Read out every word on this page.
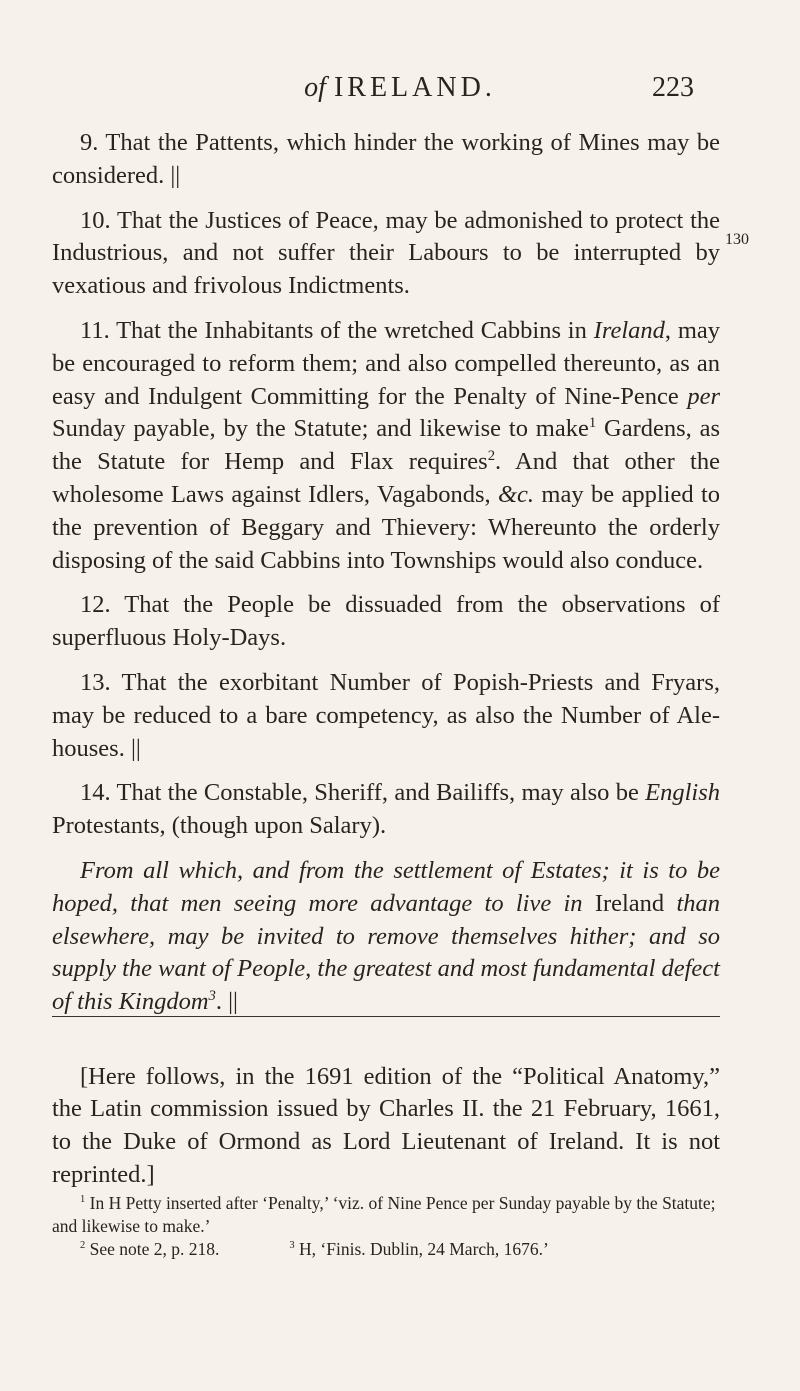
of IRELAND.	223
130

9. That the Pattents, which hinder the working of Mines may be considered. ||

10. That the Justices of Peace, may be admonished to protect the Industrious, and not suffer their Labours to be interrupted by vexatious and frivolous Indictments.

11. That the Inhabitants of the wretched Cabbins in Ireland, may be encouraged to reform them; and also compelled thereunto, as an easy and Indulgent Committing for the Penalty of Nine-Pence per Sunday payable, by the Statute; and likewise to make$^1$ Gardens, as the Statute for Hemp and Flax requires$^2$. And that other the wholesome Laws against Idlers, Vagabonds, &c. may be applied to the prevention of Beggary and Thievery: Whereunto the orderly disposing of the said Cabbins into Townships would also conduce.

12. That the People be dissuaded from the observations of superfluous Holy-Days.

13. That the exorbitant Number of Popish-Priests and Fryars, may be reduced to a bare competency, as also the Number of Ale-houses. ||

14. That the Constable, Sheriff, and Bailiffs, may also be English Protestants, (though upon Salary).

From all which, and from the settlement of Estates; it is to be hoped, that men seeing more advantage to live in Ireland than elsewhere, may be invited to remove themselves hither; and so supply the want of People, the greatest and most fundamental defect of this Kingdom$^3$. ||

[Here follows, in the 1691 edition of the “Political Anatomy,” the Latin commission issued by Charles II. the 21 February, 1661, to the Duke of Ormond as Lord Lieutenant of Ireland. It is not reprinted.]

$^1$ In H Petty inserted after ‘Penalty,’ ‘viz. of Nine Pence per Sunday payable by the Statute; and likewise to make.’

$^2$ See note 2, p. 218.	$^3$ H, ‘Finis. Dublin, 24 March, 1676.’
